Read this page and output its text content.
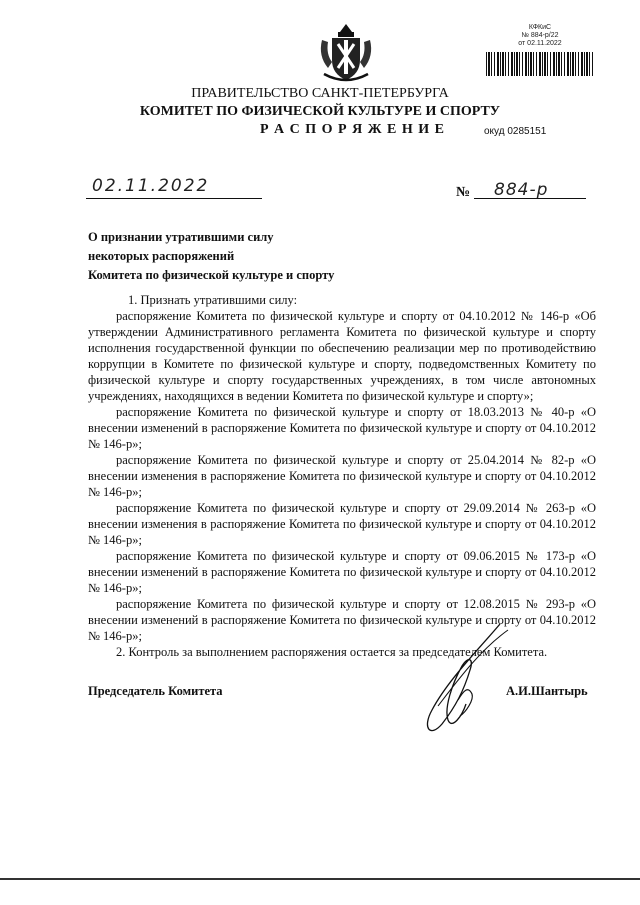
КФКиС
№ 884-р/22
от 02.11.2022
ПРАВИТЕЛЬСТВО САНКТ-ПЕТЕРБУРГА
КОМИТЕТ ПО ФИЗИЧЕСКОЙ КУЛЬТУРЕ И СПОРТУ
Р А С П О Р Я Ж Е Н И Е	окуд 0285151
02.11.2022	№ 884-р
О признании утратившими силу
некоторых распоряжений
Комитета по физической культуре и спорту

1. Признать утратившими силу:

распоряжение Комитета по физической культуре и спорту от 04.10.2012 № 146-р «Об утверждении Административного регламента Комитета по физической культуре и спорту исполнения государственной функции по обеспечению реализации мер по противодействию коррупции в Комитете по физической культуре и спорту, подведомственных Комитету по физической культуре и спорту государственных учреждениях, в том числе автономных учреждениях, находящихся в ведении Комитета по физической культуре и спорту»;

распоряжение Комитета по физической культуре и спорту от 18.03.2013 № 40-р «О внесении изменений в распоряжение Комитета по физической культуре и спорту от 04.10.2012 № 146-р»;

распоряжение Комитета по физической культуре и спорту от 25.04.2014 № 82-р «О внесении изменения в распоряжение Комитета по физической культуре и спорту от 04.10.2012 № 146-р»;

распоряжение Комитета по физической культуре и спорту от 29.09.2014 № 263-р «О внесении изменения в распоряжение Комитета по физической культуре и спорту от 04.10.2012 № 146-р»;

распоряжение Комитета по физической культуре и спорту от 09.06.2015 № 173-р «О внесении изменений в распоряжение Комитета по физической культуре и спорту от 04.10.2012 № 146-р»;

распоряжение Комитета по физической культуре и спорту от 12.08.2015 № 293-р «О внесении изменений в распоряжение Комитета по физической культуре и спорту от 04.10.2012 № 146-р»;

2. Контроль за выполнением распоряжения остается за председателем Комитета.

Председатель Комитета	А.И.Шантырь
